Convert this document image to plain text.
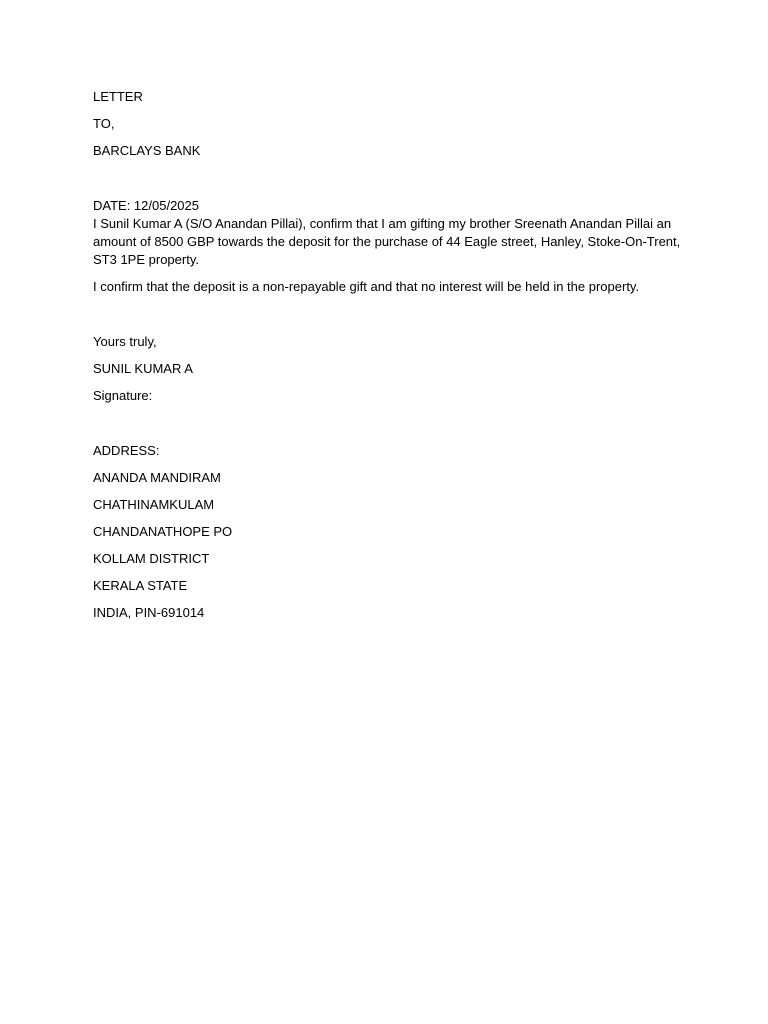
LETTER

TO,

BARCLAYS BANK

DATE: 12/05/2025

I Sunil Kumar A (S/O Anandan Pillai), confirm that I am gifting my brother Sreenath Anandan Pillai an amount of 8500 GBP towards the deposit for the purchase of 44 Eagle street, Hanley, Stoke-On-Trent, ST3 1PE property.

I confirm that the deposit is a non-repayable gift and that no interest will be held in the property.

Yours truly,

SUNIL KUMAR A

Signature:

ADDRESS:

ANANDA MANDIRAM

CHATHINAMKULAM

CHANDANATHOPE PO

KOLLAM DISTRICT

KERALA STATE

INDIA, PIN-691014
